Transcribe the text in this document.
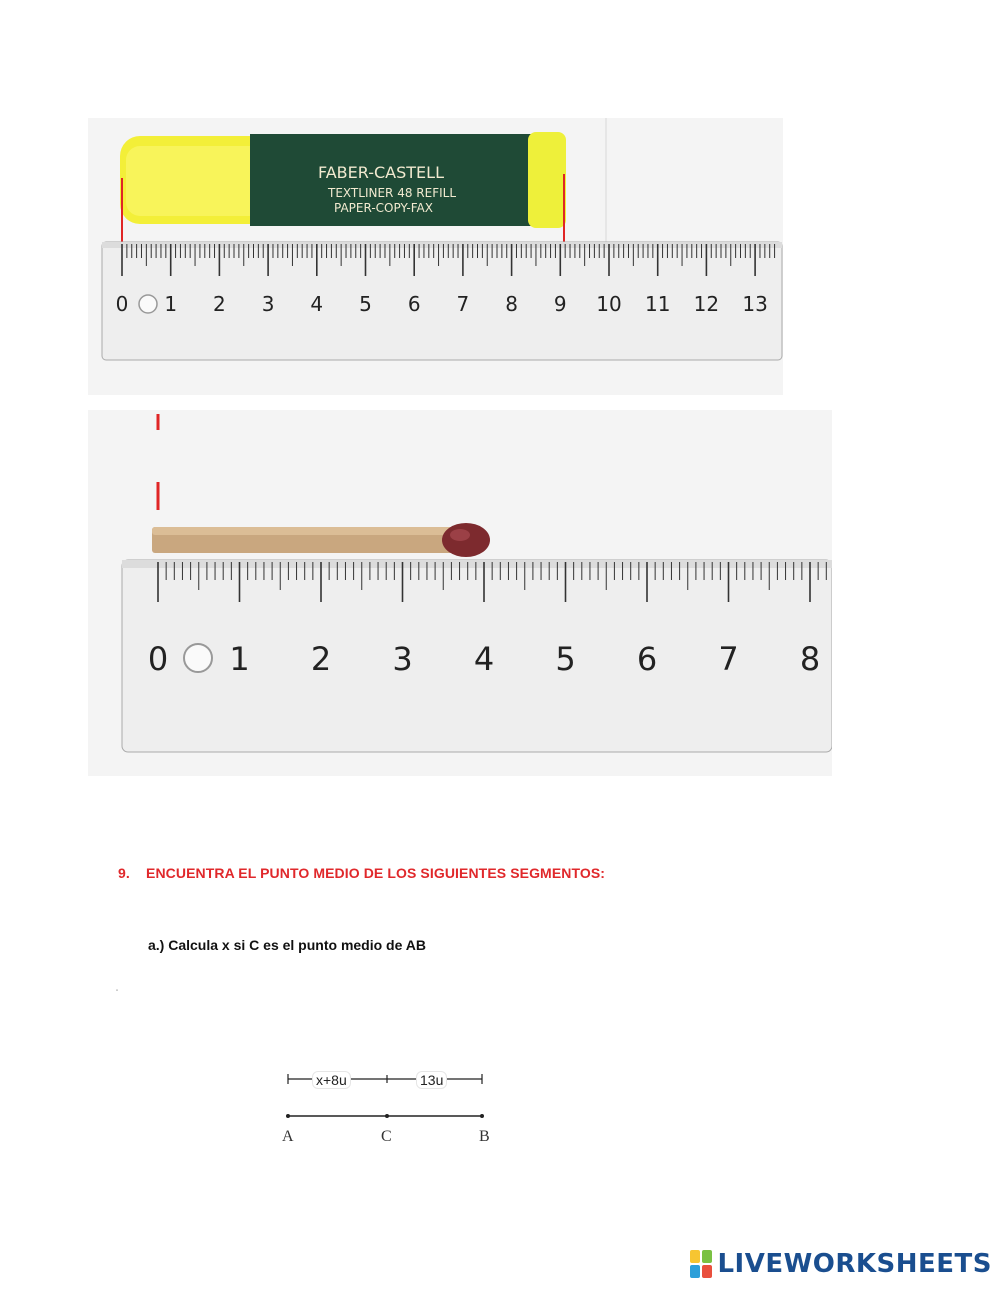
FABER-CASTELL
TEXTLINER 48 REFILL
PAPER-COPY-FAX
0 1 2 3 4 5 6 7 8 9 10 11 12 13
0 1 2 3 4 5 6 7 8
9. ENCUENTRA EL PUNTO MEDIO DE LOS SIGUIENTES SEGMENTOS:
a.) Calcula x si C es el punto medio de AB
"
x+8u	13u
A	C	B
LIVEWORKSHEETS
